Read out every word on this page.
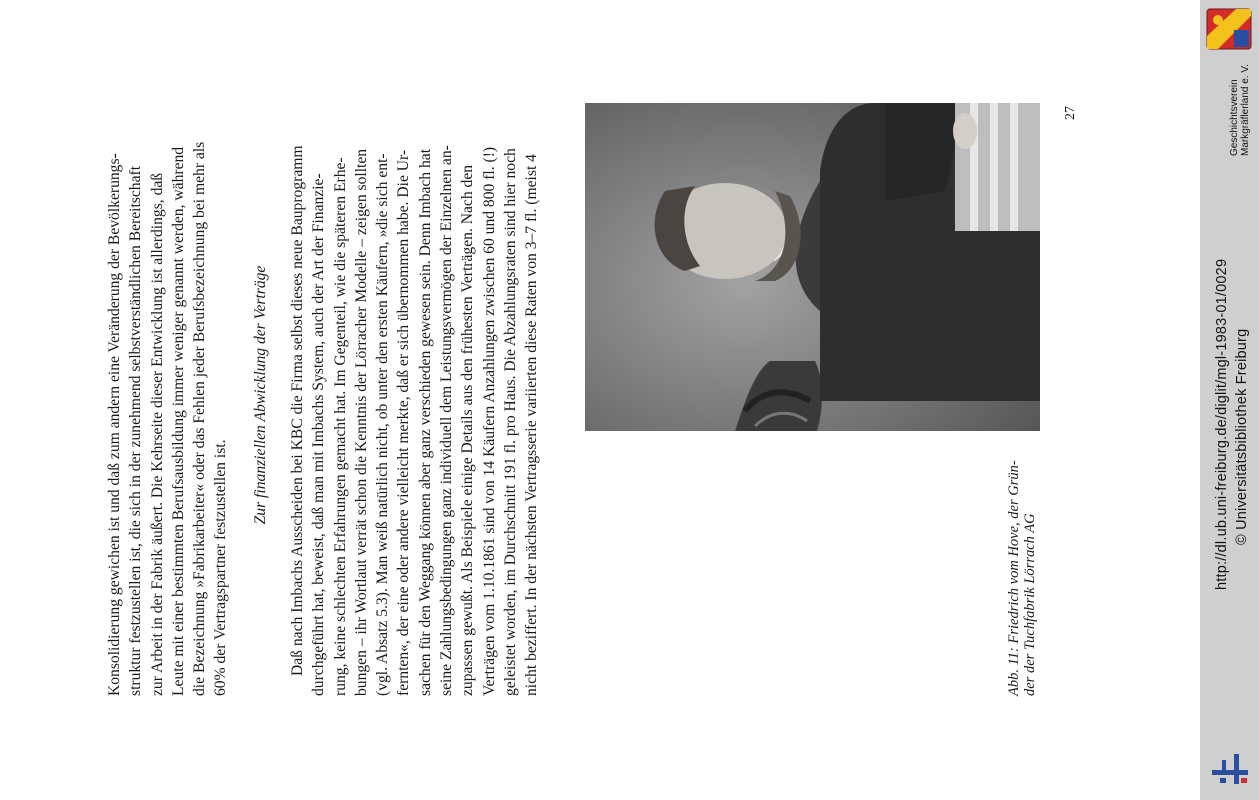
Konsolidierung gewichen ist und daß zum andern eine Veränderung der Bevölkerungs- struktur festzustellen ist, die sich in der zunehmend selbstverständlichen Bereitschaft zur Arbeit in der Fabrik äußert. Die Kehrseite dieser Entwicklung ist allerdings, daß Leute mit einer bestimmten Berufsausbildung immer weniger genannt werden, während die Bezeichnung »Fabrikarbeiter« oder das Fehlen jeder Berufsbezeichnung bei mehr als 60% der Vertragspartner festzustellen ist.
Zur finanziellen Abwicklung der Verträge Daß nach Imbachs Ausscheiden bei KBC die Firma selbst dieses neue Bauprogramm durchgeführt hat, beweist, daß man mit Imbachs System, auch der Art der Finanzie- rung, keine schlechten Erfahrungen gemacht hat. Im Gegenteil, wie die späteren Erhe- bungen – ihr Wortlaut verrät schon die Kenntnis der Lörracher Modelle – zeigen sollten (vgl. Absatz 5.3). Man weiß natürlich nicht, ob unter den ersten Käufern, »die sich ent- fernten«, der eine oder andere vielleicht merkte, daß er sich übernommen habe. Die Ur- sachen für den Weggang können aber ganz verschieden gewesen sein. Denn Imbach hat seine Zahlungsbedingungen ganz individuell dem Leistungsvermögen der Einzelnen an- zupassen gewußt. Als Beispiele einige Details aus den frühesten Verträgen. Nach den Verträgen vom 1.10.1861 sind von 14 Käufern Anzahlungen zwischen 60 und 800 fl. (!) geleistet worden, im Durchschnitt 191 fl. pro Haus. Die Abzahlungsraten sind hier noch nicht beziffert. In der nächsten Vertragsserie variierten diese Raten von 3–7 fl. (meist 4	Abb. 11: Friedrich vom Hove, der Grün- der der Tuchfabrik Lörrach AG
27	Geschichtsverein Markgräflerland e. V.
http://dl.ub.uni-freiburg.de/diglit/mgl-1983-01/0029 © Universitätsbibliothek Freiburg
